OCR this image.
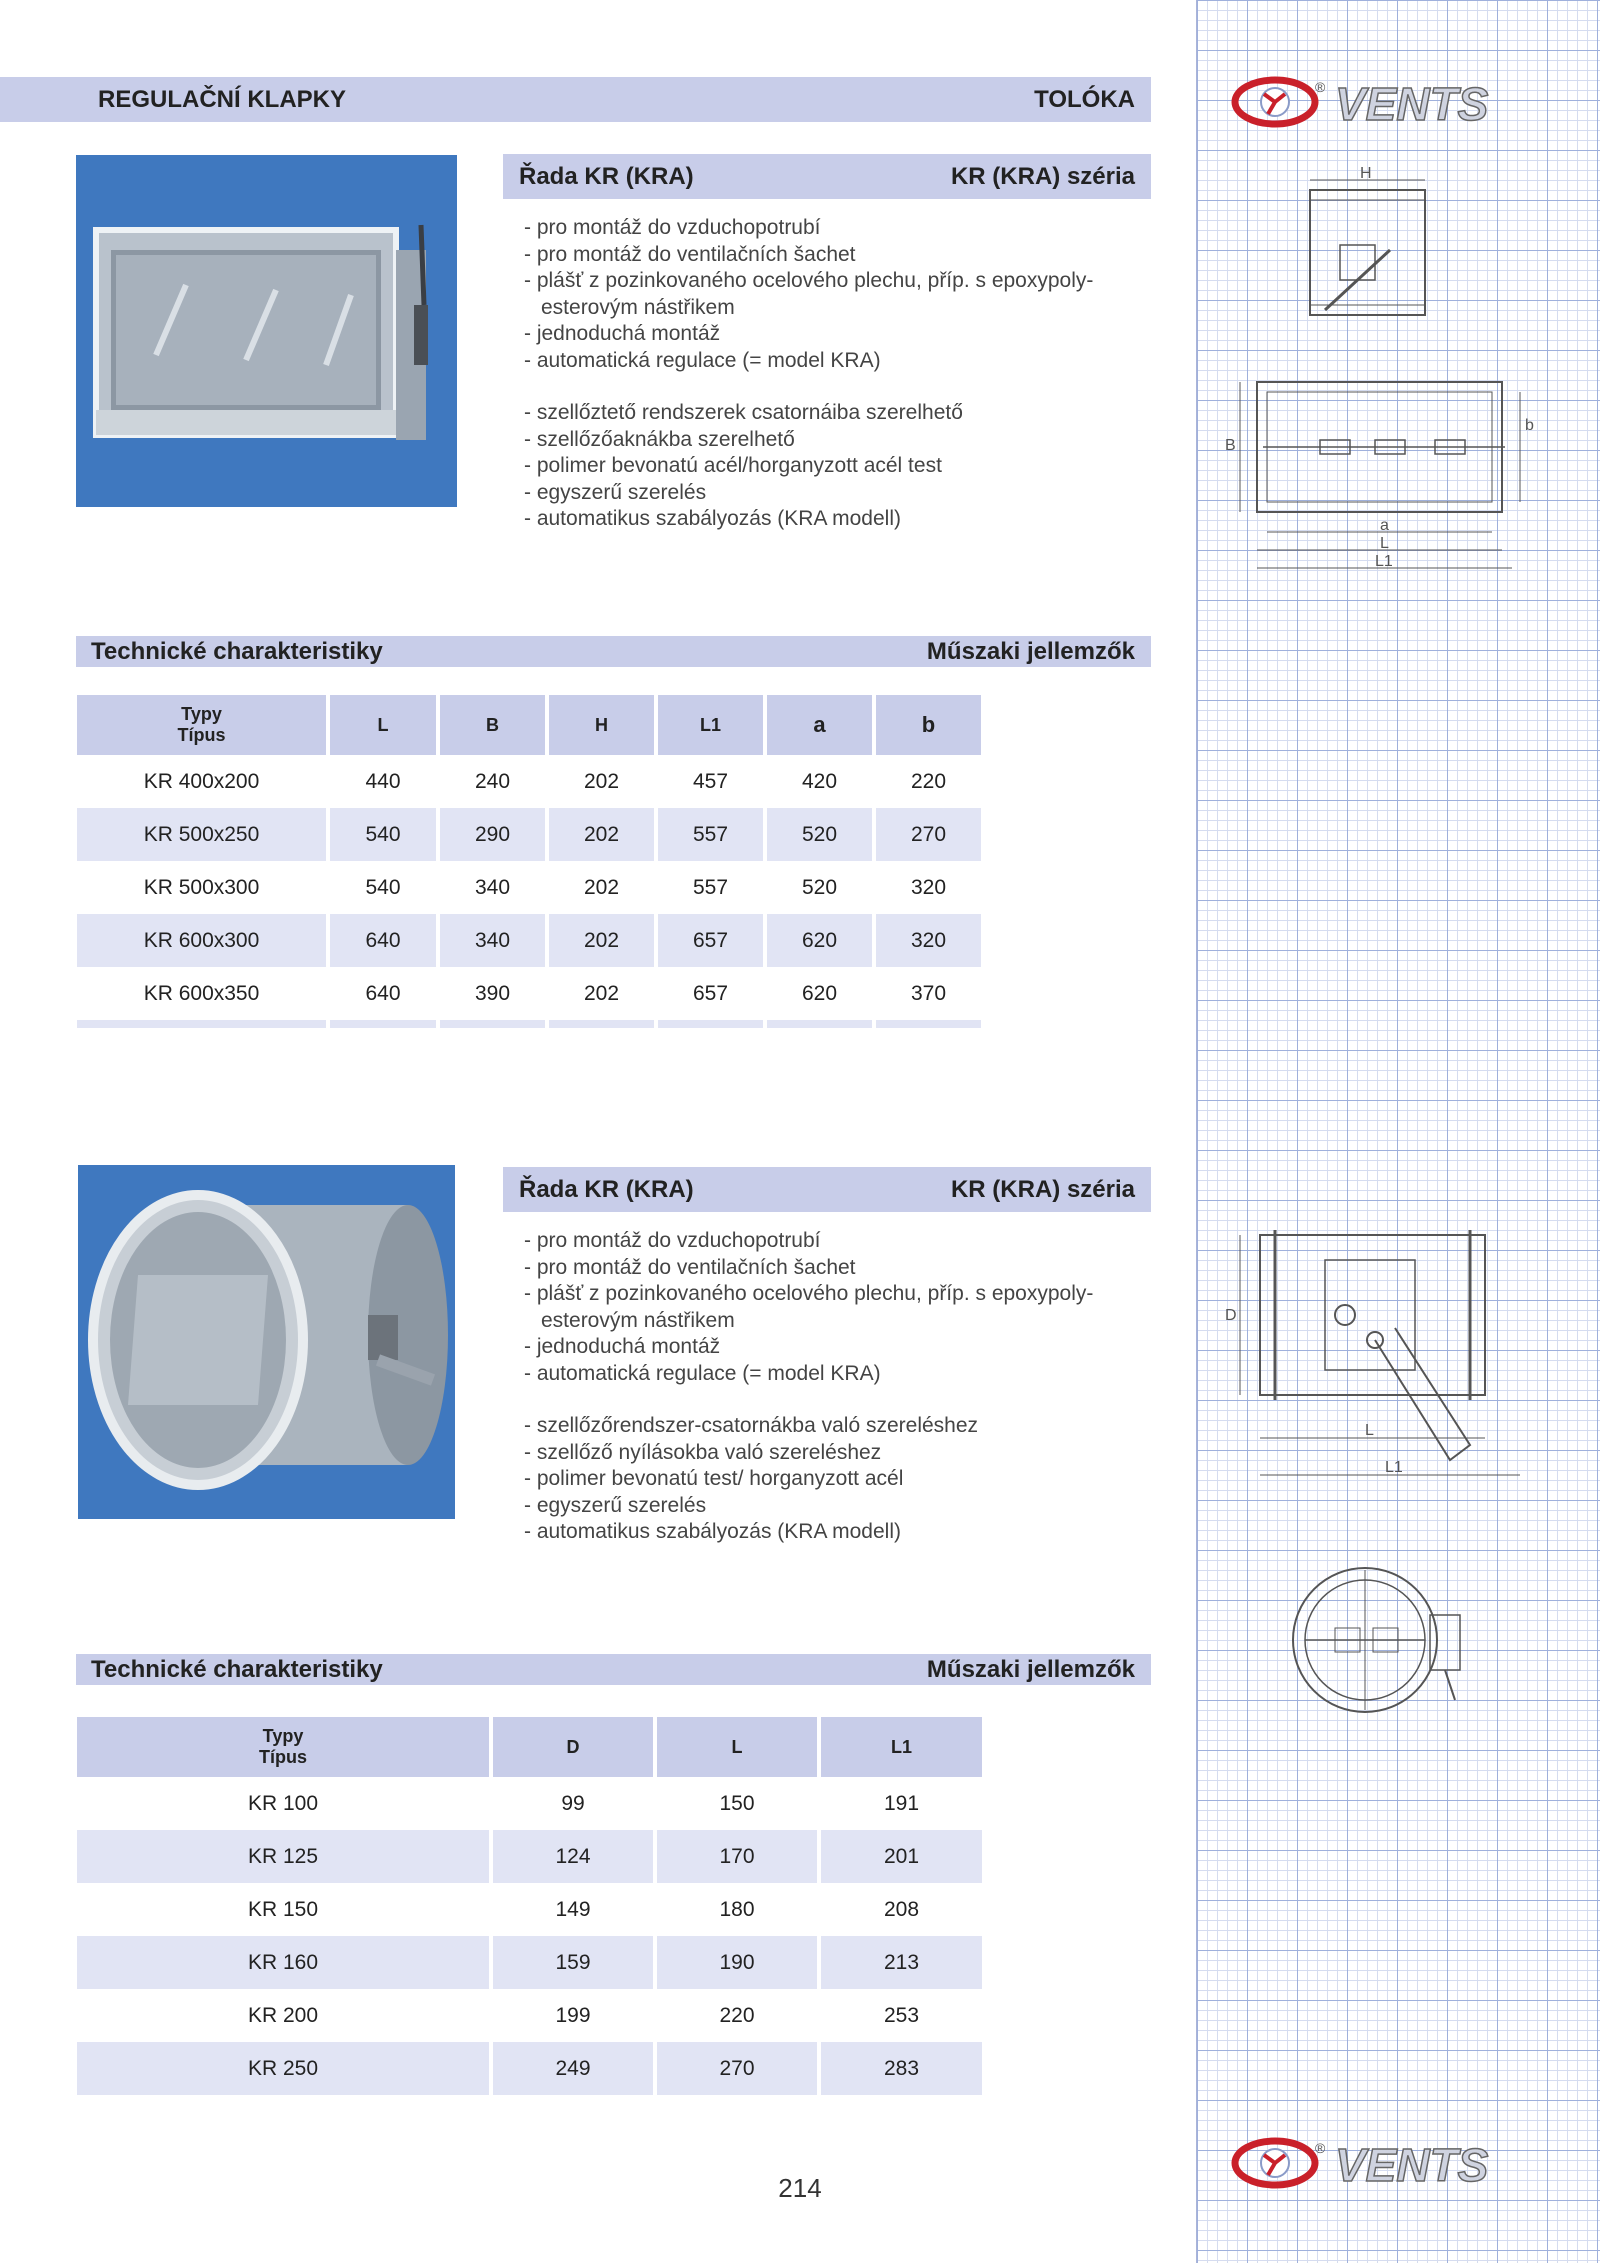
® VENTS
® VENTS
REGULAČNÍ KLAPKY	TOLÓKA
Řada KR (KRA)	KR (KRA) széria
- pro montáž do vzduchopotrubí
- pro montáž do ventilačních šachet
- plášť z pozinkovaného ocelového plechu, příp. s epoxypoly-esterovým nástřikem
- jednoduchá montáž
- automatická regulace (= model KRA)
- szellőztető rendszerek csatornáiba szerelhető
- szellőzőaknákba szerelhető
- polimer bevonatú acél/horganyzott acél test
- egyszerű szerelés
- automatikus szabályozás (KRA modell)
H
B
b
a
L
L1
Technické charakteristiky	Műszaki jellemzők
Typy
Típus	L	B	H	L1	a	b
KR 400x200	440	240	202	457	420	220
KR 500x250	540	290	202	557	520	270
KR 500x300	540	340	202	557	520	320
KR 600x300	640	340	202	657	620	320
KR 600x350	640	390	202	657	620	370

Řada KR (KRA)	KR (KRA) széria
- pro montáž do vzduchopotrubí
- pro montáž do ventilačních šachet
- plášť z pozinkovaného ocelového plechu, příp. s epoxypoly-esterovým nástřikem
- jednoduchá montáž
- automatická regulace (= model KRA)
- szellőzőrendszer-csatornákba való szereléshez
- szellőző nyílásokba való szereléshez
- polimer bevonatú test/ horganyzott acél
- egyszerű szerelés
- automatikus szabályozás (KRA modell)
D
L
L1
Technické charakteristiky	Műszaki jellemzők
Typy
Típus	D	L	L1
KR 100	99	150	191
KR 125	124	170	201
KR 150	149	180	208
KR 160	159	190	213
KR 200	199	220	253
KR 250	249	270	283
214
